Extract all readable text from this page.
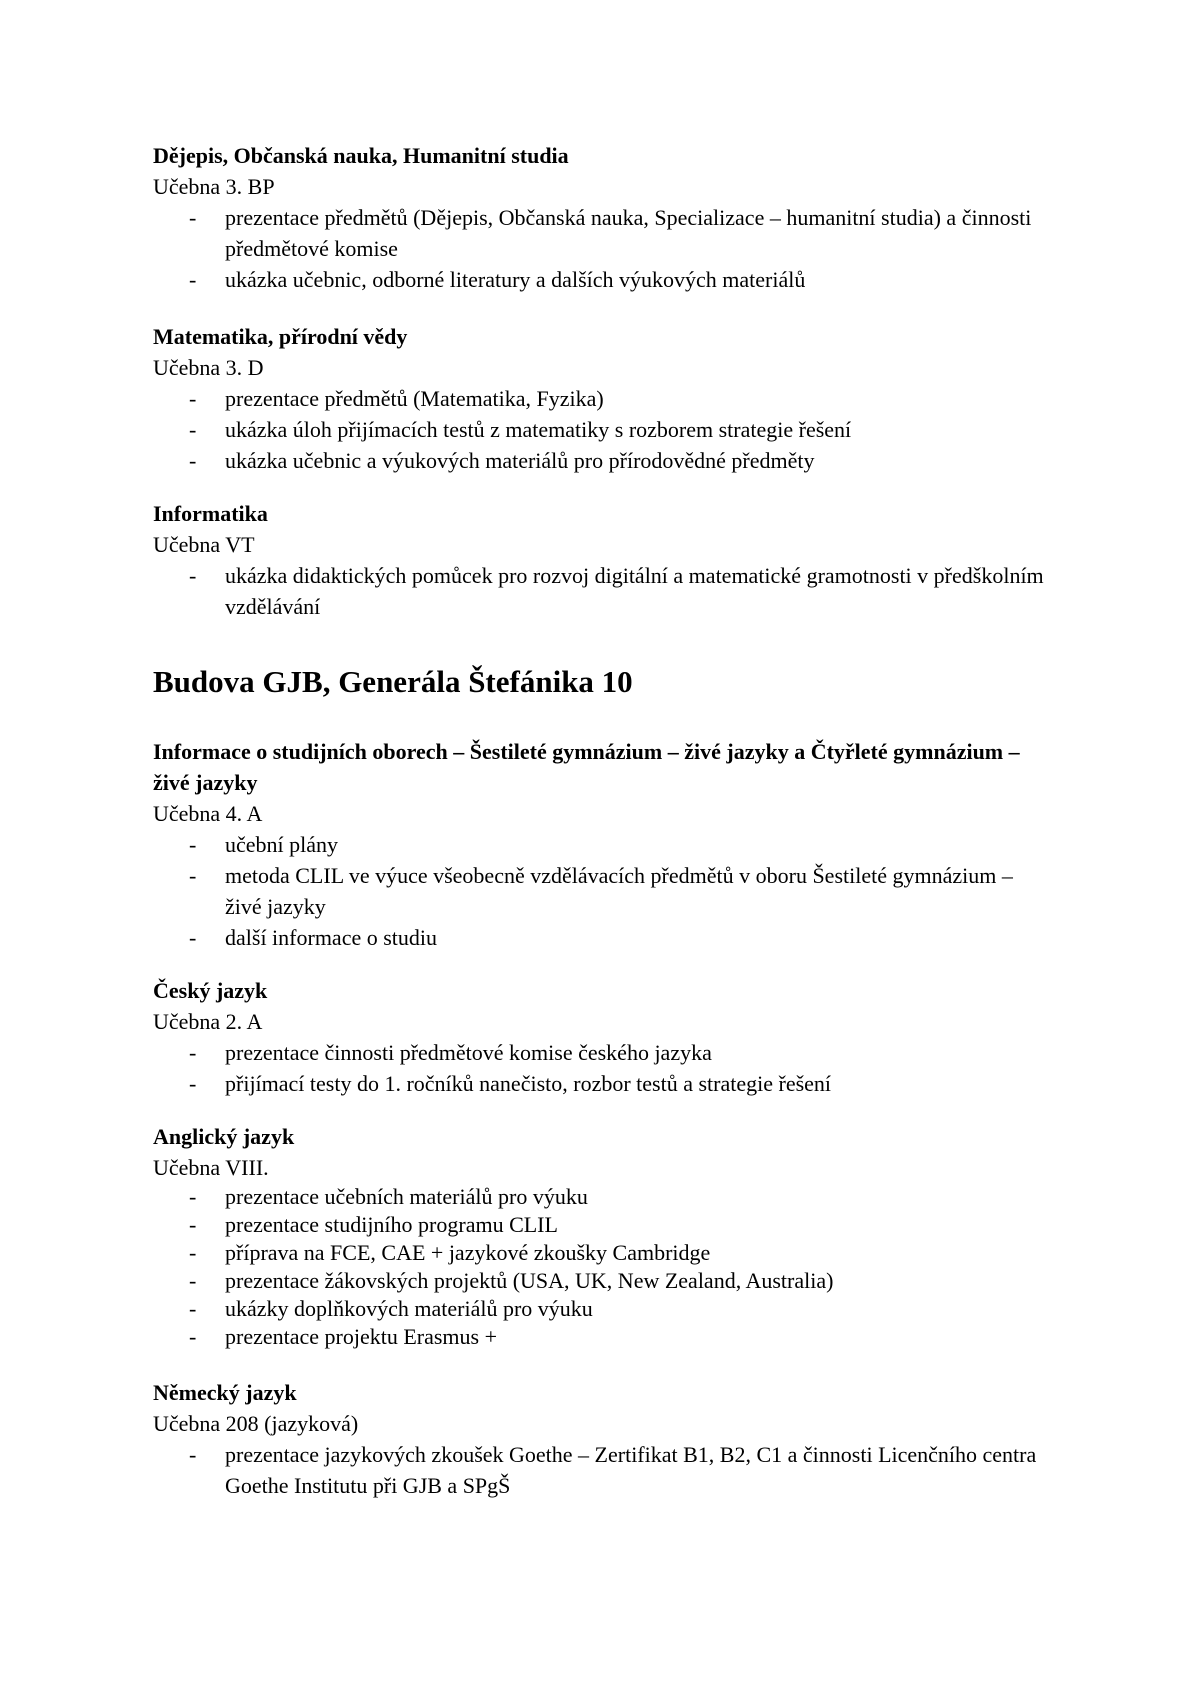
Dějepis, Občanská nauka, Humanitní studia

Učebna 3. BP

- prezentace předmětů (Dějepis, Občanská nauka, Specializace – humanitní studia) a činnosti předmětové komise
- ukázka učebnic, odborné literatury a dalších výukových materiálů

Matematika, přírodní vědy

Učebna 3. D

- prezentace předmětů (Matematika, Fyzika)
- ukázka úloh přijímacích testů z matematiky s rozborem strategie řešení
- ukázka učebnic a výukových materiálů pro přírodovědné předměty

Informatika

Učebna VT

- ukázka didaktických pomůcek pro rozvoj digitální a matematické gramotnosti v předškolním vzdělávání
Budova GJB, Generála Štefánika 10

Informace o studijních oborech – Šestileté gymnázium – živé jazyky a Čtyřleté gymnázium – živé jazyky

Učebna 4. A

- učební plány
- metoda CLIL ve výuce všeobecně vzdělávacích předmětů v oboru Šestileté gymnázium – živé jazyky
- další informace o studiu

Český jazyk

Učebna 2. A

- prezentace činnosti předmětové komise českého jazyka
- přijímací testy do 1. ročníků nanečisto, rozbor testů a strategie řešení

Anglický jazyk

Učebna VIII.

- prezentace učebních materiálů pro výuku
- prezentace studijního programu CLIL
- příprava na FCE, CAE + jazykové zkoušky Cambridge
- prezentace žákovských projektů (USA, UK, New Zealand, Australia)
- ukázky doplňkových materiálů pro výuku
- prezentace projektu Erasmus +

Německý jazyk

Učebna 208 (jazyková)

- prezentace jazykových zkoušek Goethe – Zertifikat B1, B2, C1 a činnosti Licenčního centra Goethe Institutu při GJB a SPgŠ
